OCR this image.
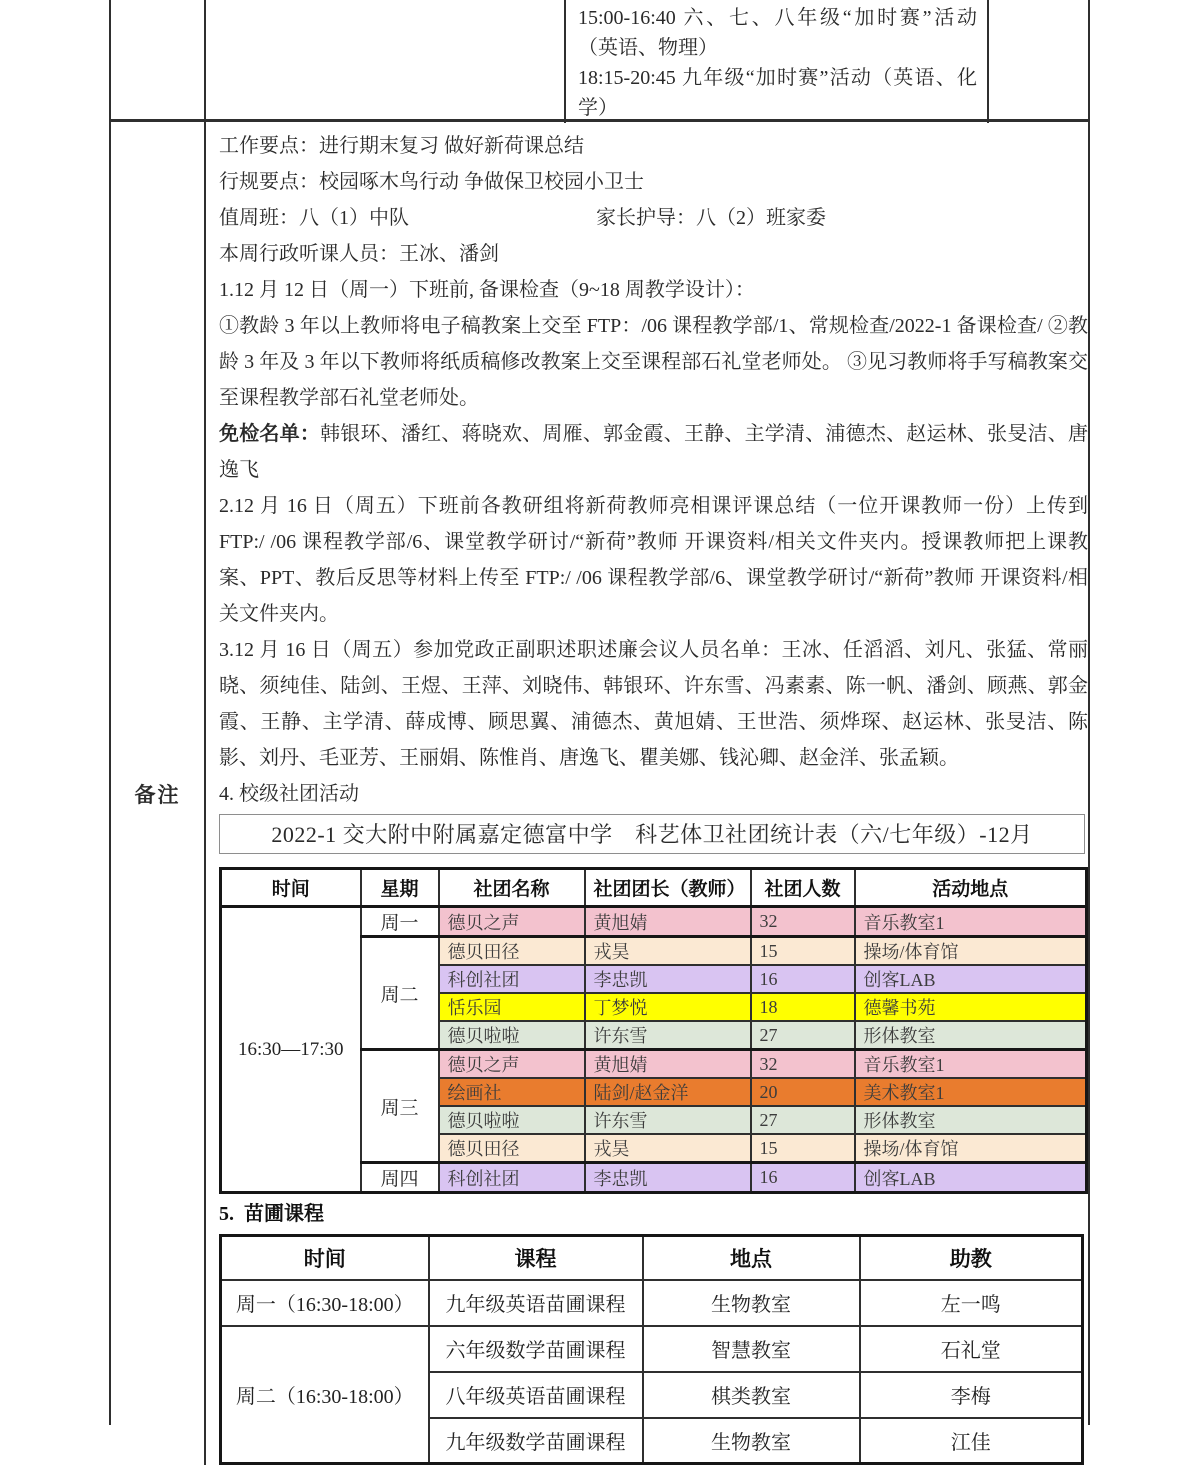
15:00-16:40 六、七、八年级“加时赛”活动（英语、物理）

18:15-20:45 九年级“加时赛”活动（英语、化学）

备注

工作要点：进行期末复习 做好新荷课总结

行规要点：校园啄木鸟行动 争做保卫校园小卫士

值周班：八（1）中队	家长护导：八（2）班家委

本周行政听课人员：王冰、潘剑

1.12 月 12 日（周一）下班前, 备课检查（9~18 周教学设计）：

①教龄 3 年以上教师将电子稿教案上交至 FTP：/06 课程教学部/1、常规检查/2022-1 备课检查/ ②教龄 3 年及 3 年以下教师将纸质稿修改教案上交至课程部石礼堂老师处。 ③见习教师将手写稿教案交至课程教学部石礼堂老师处。

免检名单：韩银环、潘红、蒋晓欢、周雁、郭金霞、王静、主学清、浦德杰、赵运林、张旻洁、唐逸飞

2.12 月 16 日（周五）下班前各教研组将新荷教师亮相课评课总结（一位开课教师一份）上传到 FTP:/ /06 课程教学部/6、课堂教学研讨/“新荷”教师 开课资料/相关文件夹内。授课教师把上课教案、PPT、教后反思等材料上传至 FTP:/ /06 课程教学部/6、课堂教学研讨/“新荷”教师 开课资料/相关文件夹内。

3.12 月 16 日（周五）参加党政正副职述职述廉会议人员名单：王冰、任滔滔、刘凡、张猛、常丽晓、须纯佳、陆剑、王煜、王萍、刘晓伟、韩银环、许东雪、冯素素、陈一帆、潘剑、顾燕、郭金霞、王静、主学清、薛成博、顾思翼、浦德杰、黄旭婧、王世浩、须烨琛、赵运林、张旻洁、陈影、刘丹、毛亚芳、王丽娟、陈惟肖、唐逸飞、瞿美娜、钱沁卿、赵金洋、张孟颖。

4. 校级社团活动

2022-1 交大附中附属嘉定德富中学　科艺体卫社团统计表（六/七年级）-12月
时间	星期	社团名称	社团团长（教师）	社团人数	活动地点
16:30—17:30	周一	德贝之声	黄旭婧	32	音乐教室1
	周二	德贝田径	戎昊	15	操场/体育馆
		科创社团	李忠凯	16	创客LAB
		恬乐园	丁梦悦	18	德馨书苑
		德贝啦啦	许东雪	27	形体教室
	周三	德贝之声	黄旭婧	32	音乐教室1
		绘画社	陆剑/赵金洋	20	美术教室1
		德贝啦啦	许东雪	27	形体教室
		德贝田径	戎昊	15	操场/体育馆
	周四	科创社团	李忠凯	16	创客LAB

5.  苗圃课程

时间	课程	地点	助教
周一（16:30-18:00）	九年级英语苗圃课程	生物教室	左一鸣
周二（16:30-18:00）	六年级数学苗圃课程	智慧教室	石礼堂
	八年级英语苗圃课程	棋类教室	李梅
	九年级数学苗圃课程	生物教室	江佳
